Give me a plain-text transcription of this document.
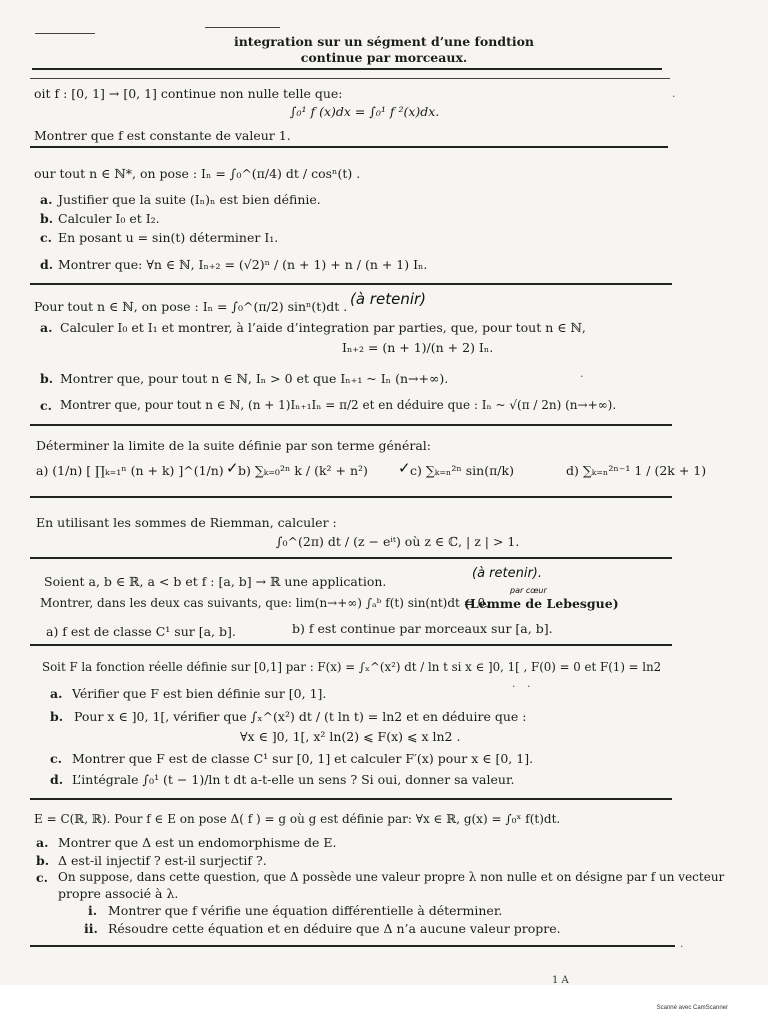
integration sur un ségment d’une fondtion
continue par morceaux.
oit f : [0, 1] → [0, 1] continue non nulle telle que:
∫₀¹ f (x)dx = ∫₀¹ f ²(x)dx.
Montrer que f est constante de valeur 1.
our tout n ∈ ℕ*, on pose : Iₙ = ∫₀^(π/4) dt / cosⁿ(t) .
a. Justifier que la suite (Iₙ)ₙ est bien définie.
b. Calculer I₀ et I₂.
c. En posant u = sin(t) déterminer I₁.
d. Montrer que: ∀n ∈ ℕ, Iₙ₊₂ = (√2)ⁿ / (n + 1) + n / (n + 1) Iₙ.
Pour tout n ∈ ℕ, on pose : Iₙ = ∫₀^(π/2) sinⁿ(t)dt . (à retenir)
a. Calculer I₀ et I₁ et montrer, à l’aide d’integration par parties, que, pour tout n ∈ ℕ,
Iₙ₊₂ = (n + 1)/(n + 2) Iₙ.
b. Montrer que, pour tout n ∈ ℕ, Iₙ > 0 et que Iₙ₊₁ ~ Iₙ (n→+∞).
c. Montrer que, pour tout n ∈ ℕ, (n + 1)Iₙ₊₁Iₙ = π/2 et en déduire que : Iₙ ~ √(π / 2n) (n→+∞).
Déterminer la limite de la suite définie par son terme général:
a) (1/n) [ ∏ₖ₌₁ⁿ (n + k) ]^(1/n) ✓ b) ∑ₖ₌₀²ⁿ k / (k² + n²) ✓ c) ∑ₖ₌ₙ²ⁿ sin(π/k)	d) ∑ₖ₌ₙ²ⁿ⁻¹ 1 / (2k + 1)
En utilisant les sommes de Riemman, calculer :
∫₀^(2π) dt / (z − eⁱᵗ) où z ∈ ℂ, | z | > 1.
Soient a, b ∈ ℝ, a < b et f : [a, b] → ℝ une application.
(à retenir).
par cœur
Montrer, dans les deux cas suivants, que: lim(n→+∞) ∫ₐᵇ f(t) sin(nt)dt = 0.
(Lemme de Lebesgue)
a) f est de classe C¹ sur [a, b].	b) f est continue par morceaux sur [a, b].
Soit F la fonction réelle définie sur [0,1] par : F(x) = ∫ₓ^(x²) dt / ln t si x ∈ ]0, 1[ , F(0) = 0 et F(1) = ln2
a. Vérifier que F est bien définie sur [0, 1].
b. Pour x ∈ ]0, 1[, vérifier que ∫ₓ^(x²) dt / (t ln t) = ln2 et en déduire que :
∀x ∈ ]0, 1[, x² ln(2) ⩽ F(x) ⩽ x ln2 .
c. Montrer que F est de classe C¹ sur [0, 1] et calculer F′(x) pour x ∈ [0, 1].
d. L’intégrale ∫₀¹ (t − 1)/ln t dt a-t-elle un sens ? Si oui, donner sa valeur.
E = C(ℝ, ℝ). Pour f ∈ E on pose Δ( f ) = g où g est définie par: ∀x ∈ ℝ, g(x) = ∫₀ˣ f(t)dt.
a. Montrer que Δ est un endomorphisme de E.
b. Δ est-il injectif ? est-il surjectif ?.
c. On suppose, dans cette question, que Δ possède une valeur propre λ non nulle et on désigne par f un vecteur
propre associé à λ.
i. Montrer que f vérifie une équation différentielle à déterminer.
ii. Résoudre cette équation et en déduire que Δ n’a aucune valeur propre.
· ·
·
·
·
1 A
Scanné avec CamScanner
